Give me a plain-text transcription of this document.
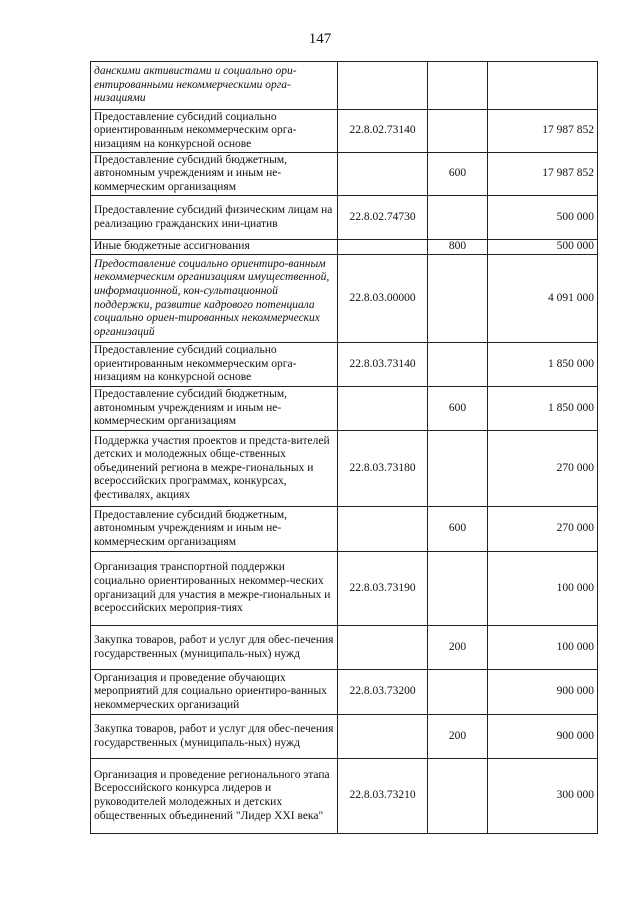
147
данскими активистами и социально ори-ентированными некоммерческими орга-низациями			
Предоставление субсидий социально ориентированным некоммерческим орга-низациям на конкурсной основе	22.8.02.73140		17 987 852
Предоставление субсидий бюджетным, автономным учреждениям и иным не-коммерческим организациям		600	17 987 852
Предоставление субсидий физическим лицам на реализацию гражданских ини-циатив	22.8.02.74730		500 000
Иные бюджетные ассигнования		800	500 000
Предоставление социально ориентиро-ванным некоммерческим организациям имущественной, информационной, кон-сультационной поддержки, развитие кадрового потенциала социально ориен-тированных некоммерческих организаций	22.8.03.00000		4 091 000
Предоставление субсидий социально ориентированным некоммерческим орга-низациям на конкурсной основе	22.8.03.73140		1 850 000
Предоставление субсидий бюджетным, автономным учреждениям и иным не-коммерческим организациям		600	1 850 000
Поддержка участия проектов и предста-вителей детских и молодежных обще-ственных объединений региона в межре-гиональных и всероссийских программах, конкурсах, фестивалях, акциях	22.8.03.73180		270 000
Предоставление субсидий бюджетным, автономным учреждениям и иным не-коммерческим организациям		600	270 000
Организация транспортной поддержки социально ориентированных некоммер-ческих организаций для участия в межре-гиональных и всероссийских мероприя-тиях	22.8.03.73190		100 000
Закупка товаров, работ и услуг для обес-печения государственных (муниципаль-ных) нужд		200	100 000
Организация и проведение обучающих мероприятий для социально ориентиро-ванных некоммерческих организаций	22.8.03.73200		900 000
Закупка товаров, работ и услуг для обес-печения государственных (муниципаль-ных) нужд		200	900 000
Организация и проведение регионального этапа Всероссийского конкурса лидеров и руководителей молодежных и детских общественных объединений "Лидер XXI века"	22.8.03.73210		300 000
